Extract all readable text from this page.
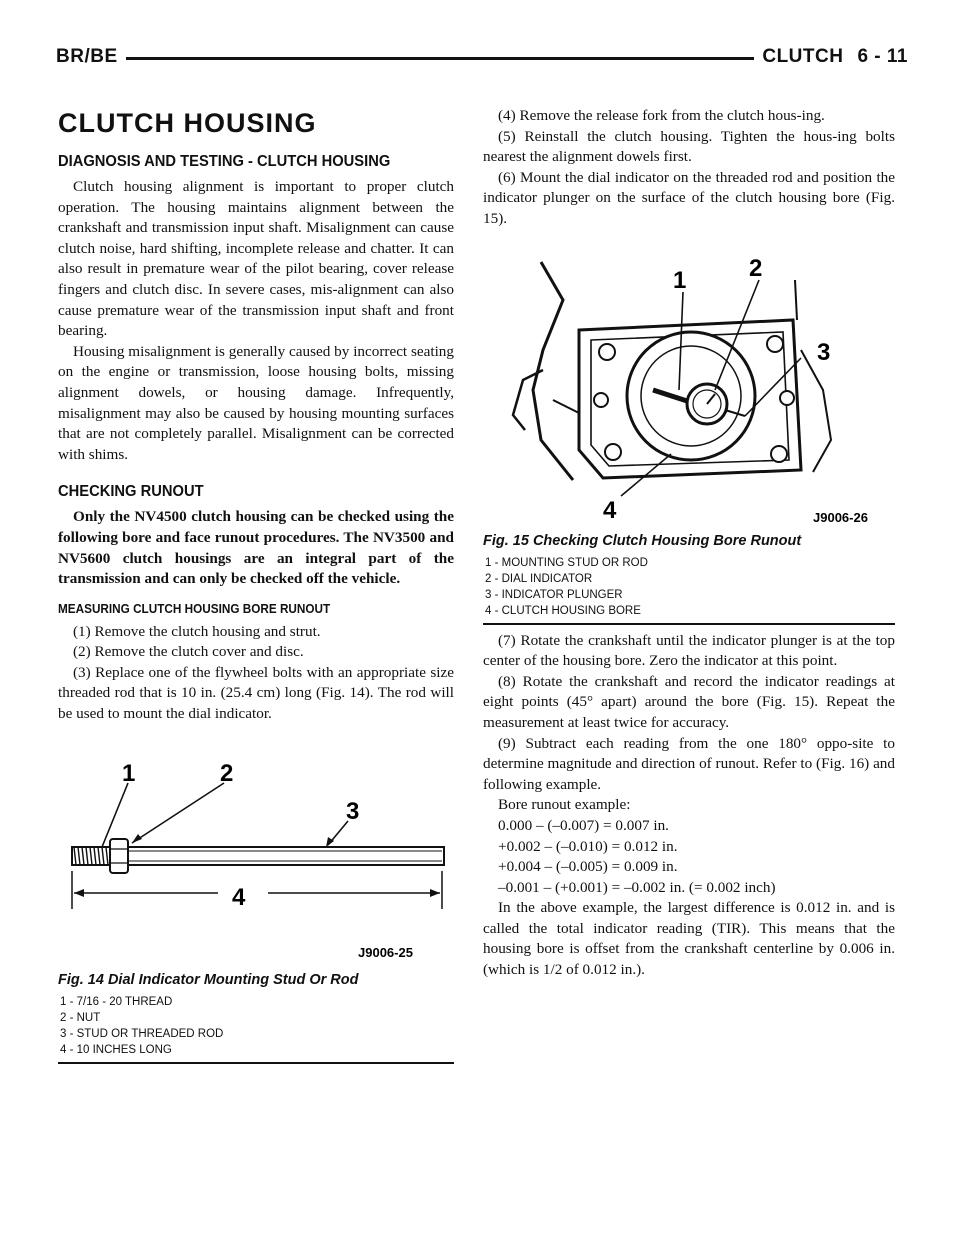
BR/BE	CLUTCH 6 - 11
CLUTCH HOUSING
DIAGNOSIS AND TESTING - CLUTCH HOUSING

Clutch housing alignment is important to proper clutch operation. The housing maintains alignment between the crankshaft and transmission input shaft. Misalignment can cause clutch noise, hard shifting, incomplete release and chatter. It can also result in premature wear of the pilot bearing, cover release fingers and clutch disc. In severe cases, mis-alignment can also cause premature wear of the transmission input shaft and front bearing.

Housing misalignment is generally caused by incorrect seating on the engine or transmission, loose housing bolts, missing alignment dowels, or housing damage. Infrequently, misalignment may also be caused by housing mounting surfaces that are not completely parallel. Misalignment can be corrected with shims.

CHECKING RUNOUT

Only the NV4500 clutch housing can be checked using the following bore and face runout procedures. The NV3500 and NV5600 clutch housings are an integral part of the transmission and can only be checked off the vehicle.

MEASURING CLUTCH HOUSING BORE RUNOUT

(1) Remove the clutch housing and strut.

(2) Remove the clutch cover and disc.

(3) Replace one of the flywheel bolts with an appropriate size threaded rod that is 10 in. (25.4 cm) long (Fig. 14). The rod will be used to mount the dial indicator.

1	2
3
4
J9006-25
Fig. 14 Dial Indicator Mounting Stud Or Rod
1 - 7/16 - 20 THREAD
2 - NUT
3 - STUD OR THREADED ROD
4 - 10 INCHES LONG

(4) Remove the release fork from the clutch hous-ing.

(5) Reinstall the clutch housing. Tighten the hous-ing bolts nearest the alignment dowels first.

(6) Mount the dial indicator on the threaded rod and position the indicator plunger on the surface of the clutch housing bore (Fig. 15).

1	2
3
4	J9006-26
Fig. 15 Checking Clutch Housing Bore Runout
1 - MOUNTING STUD OR ROD
2 - DIAL INDICATOR
3 - INDICATOR PLUNGER
4 - CLUTCH HOUSING BORE

(7) Rotate the crankshaft until the indicator plunger is at the top center of the housing bore. Zero the indicator at this point.

(8) Rotate the crankshaft and record the indicator readings at eight points (45° apart) around the bore (Fig. 15). Repeat the measurement at least twice for accuracy.

(9) Subtract each reading from the one 180° oppo-site to determine magnitude and direction of runout. Refer to (Fig. 16) and following example.

Bore runout example:
0.000 – (–0.007) = 0.007 in.
+0.002 – (–0.010) = 0.012 in.
+0.004 – (–0.005) = 0.009 in.
–0.001 – (+0.001) = –0.002 in. (= 0.002 inch)

In the above example, the largest difference is 0.012 in. and is called the total indicator reading (TIR). This means that the housing bore is offset from the crankshaft centerline by 0.006 in. (which is 1/2 of 0.012 in.).
